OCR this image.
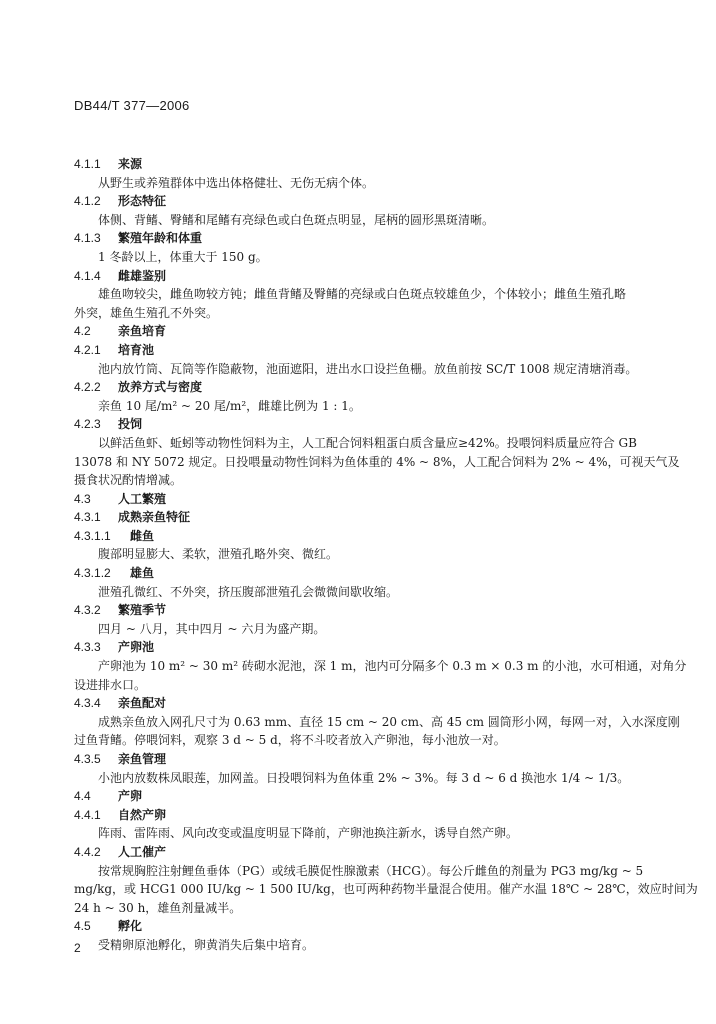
DB44/T 377—2006
4.1.1 来源
从野生或养殖群体中选出体格健壮、无伤无病个体。
4.1.2 形态特征
体侧、背鳍、臀鳍和尾鳍有亮绿色或白色斑点明显，尾柄的圆形黑斑清晰。
4.1.3 繁殖年龄和体重
1 冬龄以上，体重大于 150 g。
4.1.4 雌雄鉴别
雄鱼吻较尖，雌鱼吻较方钝；雌鱼背鳍及臀鳍的亮绿或白色斑点较雄鱼少，个体较小；雌鱼生殖孔略
外突，雄鱼生殖孔不外突。
4.2 亲鱼培育
4.2.1 培育池
池内放竹筒、瓦筒等作隐蔽物，池面遮阳，进出水口设拦鱼栅。放鱼前按 SC/T 1008 规定清塘消毒。
4.2.2 放养方式与密度
亲鱼 10 尾/m² ~ 20 尾/m²，雌雄比例为 1 : 1。
4.2.3 投饲
以鲜活鱼虾、蚯蚓等动物性饲料为主，人工配合饲料粗蛋白质含量应≥42%。投喂饲料质量应符合 GB
13078 和 NY 5072 规定。日投喂量动物性饲料为鱼体重的 4% ~ 8%，人工配合饲料为 2% ~ 4%，可视天气及
摄食状况酌情增减。
4.3 人工繁殖
4.3.1 成熟亲鱼特征
4.3.1.1 雌鱼
腹部明显膨大、柔软，泄殖孔略外突、微红。
4.3.1.2 雄鱼
泄殖孔微红、不外突，挤压腹部泄殖孔会微微间歇收缩。
4.3.2 繁殖季节
四月 ~ 八月，其中四月 ~ 六月为盛产期。
4.3.3 产卵池
产卵池为 10 m² ~ 30 m² 砖砌水泥池，深 1 m，池内可分隔多个 0.3 m × 0.3 m 的小池，水可相通，对角分
设进排水口。
4.3.4 亲鱼配对
成熟亲鱼放入网孔尺寸为 0.63 mm、直径 15 cm ~ 20 cm、高 45 cm 圆筒形小网，每网一对，入水深度刚
过鱼背鳍。停喂饲料，观察 3 d ~ 5 d，将不斗咬者放入产卵池，每小池放一对。
4.3.5 亲鱼管理
小池内放数株凤眼莲，加网盖。日投喂饲料为鱼体重 2% ~ 3%。每 3 d ~ 6 d 换池水 1/4 ~ 1/3。
4.4 产卵
4.4.1 自然产卵
阵雨、雷阵雨、风向改变或温度明显下降前，产卵池换注新水，诱导自然产卵。
4.4.2 人工催产
按常规胸腔注射鲤鱼垂体（PG）或绒毛膜促性腺激素（HCG）。每公斤雌鱼的剂量为 PG3 mg/kg ~ 5
mg/kg，或 HCG1 000 IU/kg ~ 1 500 IU/kg，也可两种药物半量混合使用。催产水温 18℃ ~ 28℃，效应时间为
24 h ~ 30 h，雄鱼剂量减半。
4.5 孵化
受精卵原池孵化，卵黄消失后集中培育。
2
